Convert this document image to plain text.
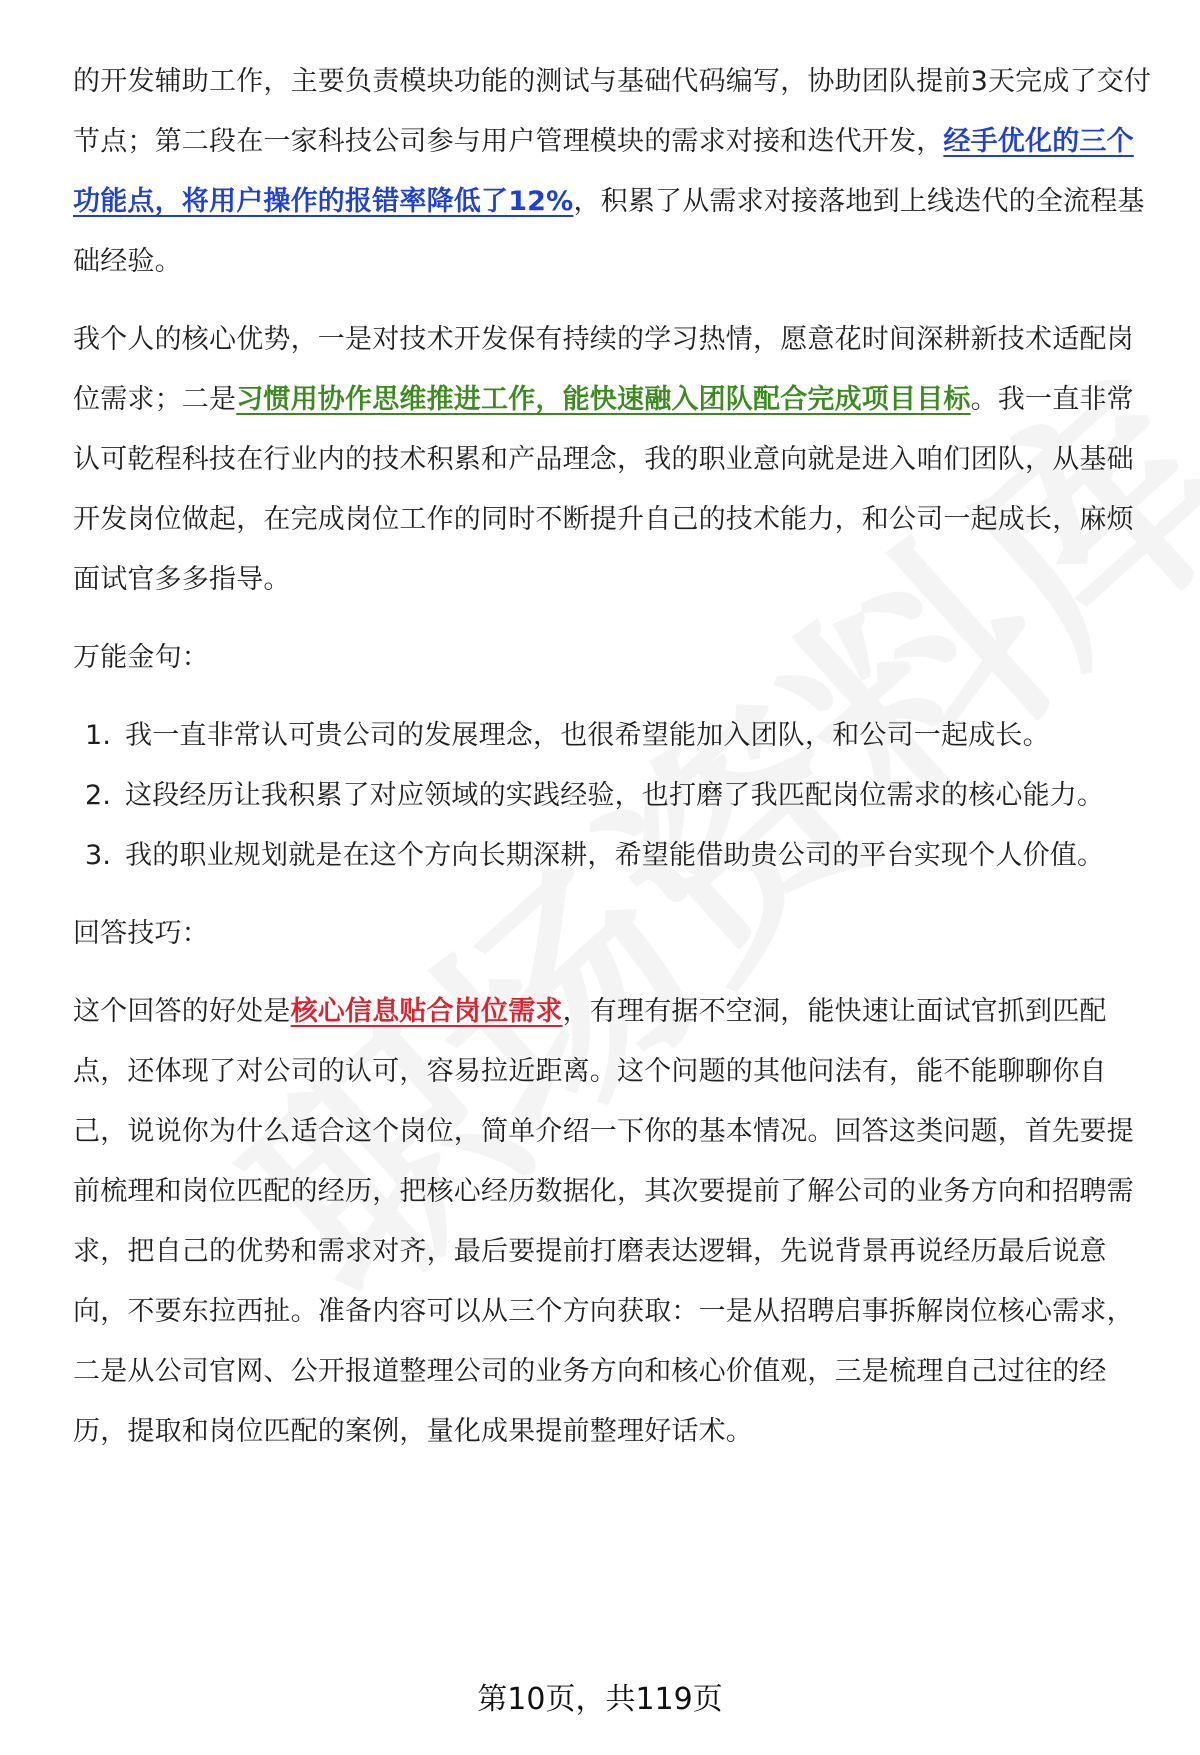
的开发辅助工作，主要负责模块功能的测试与基础代码编写，协助团队提前3天完成了交付节点；第二段在一家科技公司参与用户管理模块的需求对接和迭代开发，经手优化的三个功能点，将用户操作的报错率降低了12%，积累了从需求对接落地到上线迭代的全流程基础经验。

我个人的核心优势，一是对技术开发保有持续的学习热情，愿意花时间深耕新技术适配岗位需求；二是习惯用协作思维推进工作，能快速融入团队配合完成项目目标。我一直非常认可乾程科技在行业内的技术积累和产品理念，我的职业意向就是进入咱们团队，从基础开发岗位做起，在完成岗位工作的同时不断提升自己的技术能力，和公司一起成长，麻烦面试官多多指导。

万能金句：

1. 我一直非常认可贵公司的发展理念，也很希望能加入团队，和公司一起成长。
2. 这段经历让我积累了对应领域的实践经验，也打磨了我匹配岗位需求的核心能力。
3. 我的职业规划就是在这个方向长期深耕，希望能借助贵公司的平台实现个人价值。

回答技巧：

这个回答的好处是核心信息贴合岗位需求，有理有据不空洞，能快速让面试官抓到匹配点，还体现了对公司的认可，容易拉近距离。这个问题的其他问法有，能不能聊聊你自己，说说你为什么适合这个岗位，简单介绍一下你的基本情况。回答这类问题，首先要提前梳理和岗位匹配的经历，把核心经历数据化，其次要提前了解公司的业务方向和招聘需求，把自己的优势和需求对齐，最后要提前打磨表达逻辑，先说背景再说经历最后说意向，不要东拉西扯。准备内容可以从三个方向获取：一是从招聘启事拆解岗位核心需求，二是从公司官网、公开报道整理公司的业务方向和核心价值观，三是梳理自己过往的经历，提取和岗位匹配的案例，量化成果提前整理好话术。

第10页，共119页
